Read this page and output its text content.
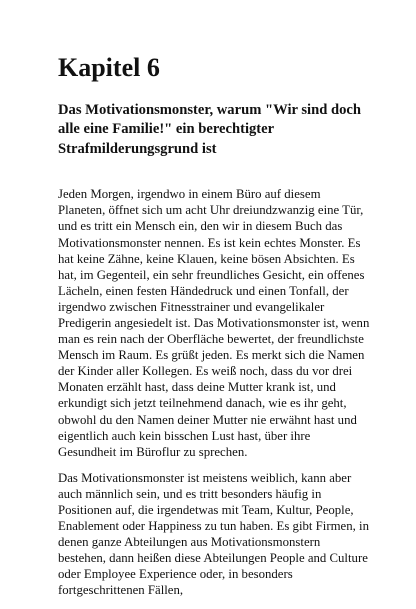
Kapitel 6
Das Motivationsmonster, warum "Wir sind doch alle eine Familie!" ein berechtigter Strafmilderungsgrund ist

Jeden Morgen, irgendwo in einem Büro auf diesem Planeten, öffnet sich um acht Uhr dreiundzwanzig eine Tür, und es tritt ein Mensch ein, den wir in diesem Buch das Motivationsmonster nennen. Es ist kein echtes Monster. Es hat keine Zähne, keine Klauen, keine bösen Absichten. Es hat, im Gegenteil, ein sehr freundliches Gesicht, ein offenes Lächeln, einen festen Händedruck und einen Tonfall, der irgendwo zwischen Fitnesstrainer und evangelikaler Predigerin angesiedelt ist. Das Motivationsmonster ist, wenn man es rein nach der Oberfläche bewertet, der freundlichste Mensch im Raum. Es grüßt jeden. Es merkt sich die Namen der Kinder aller Kollegen. Es weiß noch, dass du vor drei Monaten erzählt hast, dass deine Mutter krank ist, und erkundigt sich jetzt teilnehmend danach, wie es ihr geht, obwohl du den Namen deiner Mutter nie erwähnt hast und eigentlich auch kein bisschen Lust hast, über ihre Gesundheit im Büroflur zu sprechen.

Das Motivationsmonster ist meistens weiblich, kann aber auch männlich sein, und es tritt besonders häufig in Positionen auf, die irgendetwas mit Team, Kultur, People, Enablement oder Happiness zu tun haben. Es gibt Firmen, in denen ganze Abteilungen aus Motivationsmonstern bestehen, dann heißen diese Abteilungen People and Culture oder Employee Experience oder, in besonders fortgeschrittenen Fällen,
